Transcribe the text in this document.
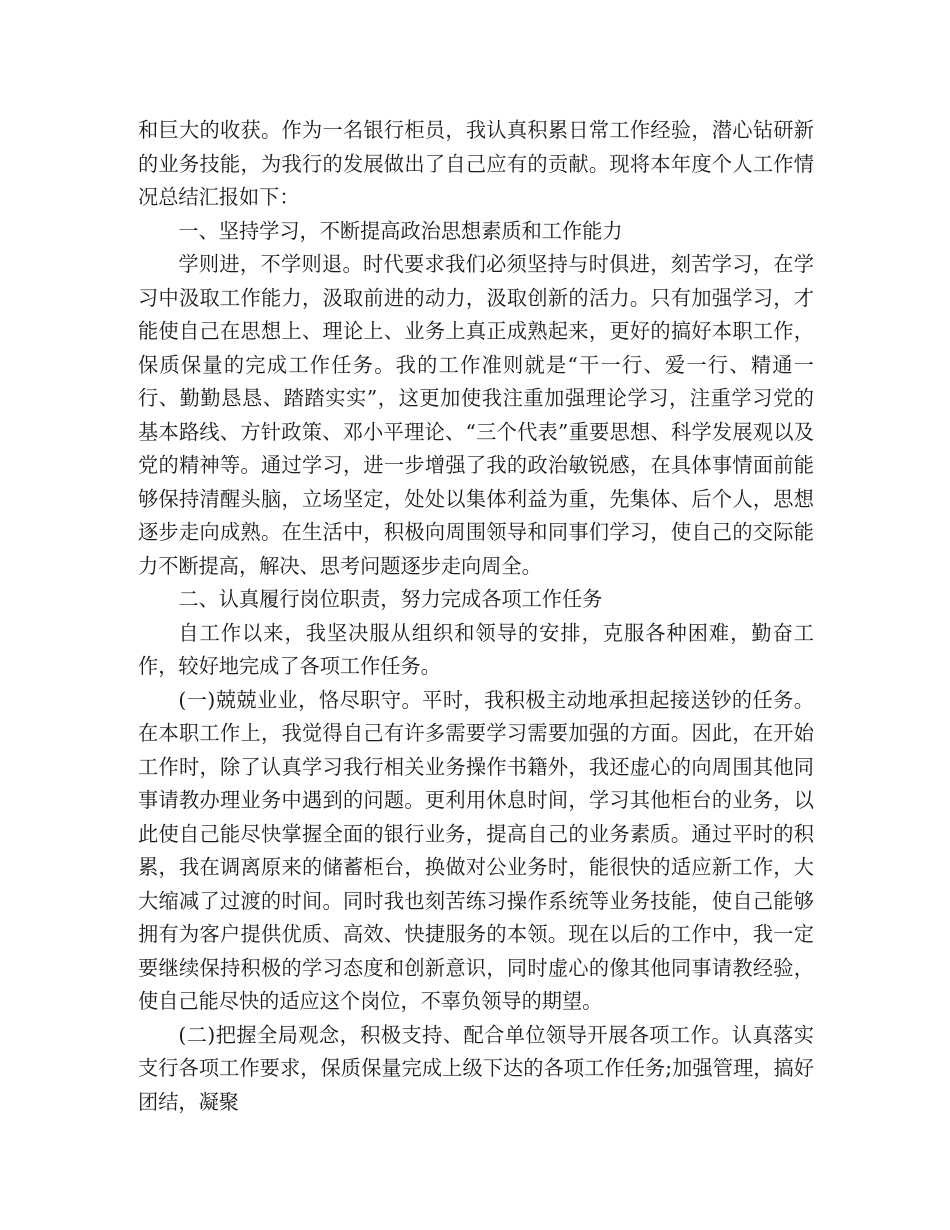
和巨大的收获。作为一名银行柜员，我认真积累日常工作经验，潜心钻研新的业务技能，为我行的发展做出了自己应有的贡献。现将本年度个人工作情况总结汇报如下：

一、坚持学习，不断提高政治思想素质和工作能力

学则进，不学则退。时代要求我们必须坚持与时俱进，刻苦学习，在学习中汲取工作能力，汲取前进的动力，汲取创新的活力。只有加强学习，才能使自己在思想上、理论上、业务上真正成熟起来，更好的搞好本职工作，保质保量的完成工作任务。我的工作准则就是“干一行、爱一行、精通一行、勤勤恳恳、踏踏实实”，这更加使我注重加强理论学习，注重学习党的基本路线、方针政策、邓小平理论、“三个代表”重要思想、科学发展观以及党的精神等。通过学习，进一步增强了我的政治敏锐感，在具体事情面前能够保持清醒头脑，立场坚定，处处以集体利益为重，先集体、后个人，思想逐步走向成熟。在生活中，积极向周围领导和同事们学习，使自己的交际能力不断提高，解决、思考问题逐步走向周全。

二、认真履行岗位职责，努力完成各项工作任务

自工作以来，我坚决服从组织和领导的安排，克服各种困难，勤奋工作，较好地完成了各项工作任务。

(一)兢兢业业，恪尽职守。平时，我积极主动地承担起接送钞的任务。在本职工作上，我觉得自己有许多需要学习需要加强的方面。因此，在开始工作时，除了认真学习我行相关业务操作书籍外，我还虚心的向周围其他同事请教办理业务中遇到的问题。更利用休息时间，学习其他柜台的业务，以此使自己能尽快掌握全面的银行业务，提高自己的业务素质。通过平时的积累，我在调离原来的储蓄柜台，换做对公业务时，能很快的适应新工作，大大缩减了过渡的时间。同时我也刻苦练习操作系统等业务技能，使自己能够拥有为客户提供优质、高效、快捷服务的本领。现在以后的工作中，我一定要继续保持积极的学习态度和创新意识，同时虚心的像其他同事请教经验，使自己能尽快的适应这个岗位，不辜负领导的期望。

(二)把握全局观念，积极支持、配合单位领导开展各项工作。认真落实支行各项工作要求，保质保量完成上级下达的各项工作任务;加强管理，搞好团结，凝聚
